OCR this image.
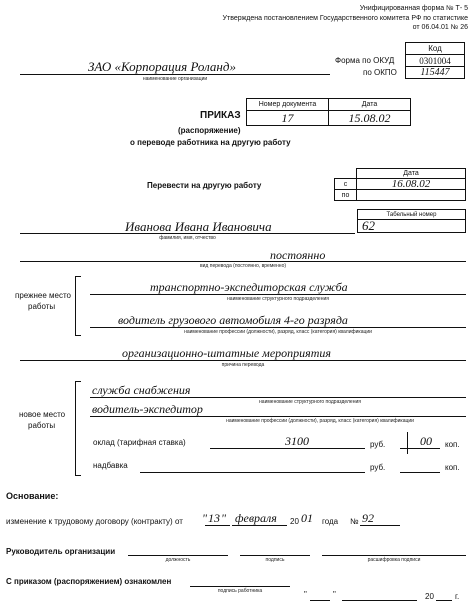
Унифицированная форма № Т- 5
Утверждена постановлением Государственного комитета РФ по статистике
от 06.04.01 № 26
Код
0301004
115447
Форма по ОКУД
по ОКПО
ЗАО «Корпорация Роланд»
наименование организации
ПРИКАЗ
(распоряжение)
о переводе работника на другую работу
Номер документа	Дата
17	15.08.02
Перевести на другую работу
Дата
с	16.08.02
по
Табельный номер
62
Иванова Ивана Ивановича
фамилия, имя, отчество
постоянно
вид перевода (постоянно, временно)
прежнее место
работы
транспортно-экспедиторская служба
наименование структурного подразделения
водитель грузового автомобиля 4-го разряда
наименование профессии (должности), разряд, класс (категория) квалификации
организационно-штатные мероприятия
причина перевода
новое место
работы
служба снабжения
наименование структурного подразделения
водитель-экспедитор
наименование профессии (должности), разряд, класс (категория) квалификации
оклад (тарифная ставка)	3100	руб.	00 коп.
надбавка	руб.	коп.
Основание:
изменение к трудовому договору (контракту) от " 13 " февраля 20 01 года № 92
Руководитель организации
должность	подпись	расшифровка подписи
С приказом (распоряжением) ознакомлен
подпись работника	"	"	20	г.
